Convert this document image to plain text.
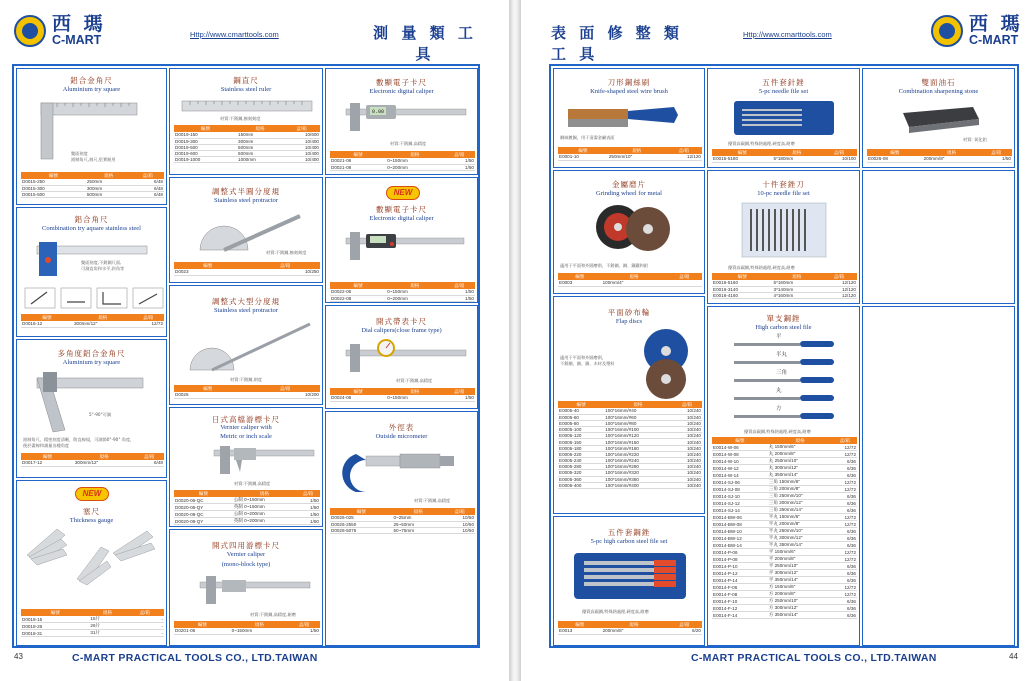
西 瑪
C-MART	Http://www.cmarttools.com	測 量 類 工 具
鋁合金角尺
Aluminium try square
雙面刻度
鋁制角尺,刻尺,堅實耐用
編號	規格	盒/箱
D0015-250	250mm	6/48
D0015-300	300mm	6/48
D0015-500	500mm	6/48
鋁合角尺
Combination try aquare stainless steel
雙面刻度,不銹鋼尺面,
可測直角和水平,斜角等
編號	規格	盒/箱
D0016-12	300mm/12"	12/72
多角度鋁合金角尺
Aluminium try square
5°-90°可調
鋁制角尺，精密刻度清晰，附直線規，可調節0°-90° 角度，
便於畫線和測量各種角度
編號	規格	盒/箱
D0017-12	300mm/12"	6/48
NEW
塞尺
Thickness gauge
編號	規格	盒/箱
D0018-15	15片	-
D0018-26	26片	-
D0018-31	31片	-
鋼直尺
Stainless steel ruler
材質:不銹鋼,蝕刻刻度
編號	規格	盒/箱
D0019-150	150mm	10/600
D0019-300	300mm	10/400
D0019-500	500mm	10/400
D0019-600	600mm	10/400
D0019-1000	1000mm	10/400
調整式半圓分度規
Stainless steel protractor
材質:不銹鋼,蝕刻刻度
編號		盒/箱
D0023		10/250
調整式大型分度規
Stainless steel protractor
材質:不銹鋼,刻度
編號		盒/箱
D0025		10/200
日式高檔游標卡尺
Vernier caliper with
Metric or inch scale
材質:不銹鋼,高精度
編號	規格	盒/箱
D0020-06-QC	公制 0~150mm	1/50
D0020-06-QY	英制 0~150mm	1/50
D0020-08-QC	公制 0~200mm	1/50
D0020-08-QY	英制 0~200mm	1/50
開式四用游標卡尺
Vernier caliper
(mono-block type)
材質:不銹鋼,高精度,耐磨
編號	規格	盒/箱
D0201-06	0~150mm	1/50
數顯電子卡尺
Electronic digital caliper
0.00
材質:不銹鋼,高精度
編號	規格	盒/箱
D0021-06	0~150mm	1/50
D0021-08	0~200mm	1/50
NEW
數顯電子卡尺
Electronic digital caliper
編號	規格	盒/箱
D0022-06	0~150mm	1/50
D0022-08	0~200mm	1/50
開式帶表卡尺
Dial calipers(close frame type)
材質:不銹鋼,高精度
編號	規格	盒/箱
D0024-06	0~150mm	1/50
外徑表
Outside micrometer
材質:不銹鋼,高精度
編號	規格	盒/箱
D0026-025	0~25mm	10/50
D0026-2550	25~50mm	10/50
D0026-5075	50~75mm	10/50
43	C-MART PRACTICAL TOOLS CO., LTD.TAIWAN
表 面 修 整 類 工 具
Http://www.cmarttools.com	西 瑪
C-MART
刀形鋼絲刷
Knife-shaped steel wire brush
鋼絲鍍銅，用于清潔金屬表面
編號	規格	盒/箱
E0001-10	250mm/10"	12/120
金屬磨片
Grinding wheel for metal
適用于平面和外圓磨削，不銹鋼、鋼、鑄鐵和鋁
編號	規格	盒/箱
E0003	100mm/4"	
平面砂布輪
Flap discs
適用于平面和外圓磨削，
不銹鋼、鋼、鑄、木材及塑料
編號	規格	盒/箱
E0005-40	100*16mm/#40	10/240
E0005-60	100*16mm/#60	10/240
E0005-80	100*16mm/#80	10/240
E0005-100	100*16mm/#100	10/240
E0005-120	100*16mm/#120	10/240
E0005-150	100*16mm/#150	10/240
E0005-180	100*16mm/#180	10/240
E0005-220	100*16mm/#220	10/240
E0005-240	100*16mm/#240	10/240
E0005-280	100*16mm/#280	10/240
E0005-320	100*16mm/#320	10/240
E0005-360	100*16mm/#360	10/240
E0005-400	100*16mm/#400	10/240
五件套鋼銼
5-pc high carbon steel file set
優質高碳鋼,特殊熱處理,硬度高,耐磨
編號	規格	盒/箱
E0013	200mm/8"	6/20
五件套針銼
5-pc needle file set
優質高碳鋼,特殊熱處理,硬度高,耐磨
編號	規格	盒/箱
E0015-5180	5*180mm	10/100
十件套銼刀
10-pc needle file set
優質高碳鋼,特殊熱處理,硬度高,耐磨
編號	規格	盒/箱
E0016-5160	5*160mm	12/120
E0016-3140	3*140mm	12/120
E0016-4160	4*160mm	12/120
單支鋼銼
High carbon steel file
平
半丸
三角
丸
方
優質高碳鋼,特殊熱處理,硬度高,耐磨
編號	規格	盒/箱
E0014-W-06	丸 150mm/6"	12/72
E0014-W-08	丸 200mm/8"	12/72
E0014-W-10	丸 250mm/10"	6/36
E0014-W-12	丸 300mm/12"	6/36
E0014-W-14	丸 350mm/14"	6/36
E0014-SJ-06	三角 150mm/6"	12/72
E0014-SJ-08	三角 200mm/8"	12/72
E0014-SJ-10	三角 250mm/10"	6/36
E0014-SJ-12	三角 300mm/12"	6/36
E0014-SJ-14	三角 350mm/14"	6/36
E0014-BW-06	半丸 150mm/6"	12/72
E0014-BW-08	半丸 200mm/8"	12/72
E0014-BW-10	半丸 250mm/10"	6/36
E0014-BW-12	半丸 300mm/12"	6/36
E0014-BW-14	半丸 350mm/14"	6/36
E0014-P-06	平 150mm/6"	12/72
E0014-P-08	平 200mm/8"	12/72
E0014-P-10	平 250mm/10"	6/36
E0014-P-12	平 300mm/12"	6/36
E0014-P-14	平 350mm/14"	6/36
E0014-F-06	方 150mm/6"	12/72
E0014-F-08	方 200mm/8"	12/72
E0014-F-10	方 250mm/10"	6/36
E0014-F-12	方 300mm/12"	6/36
E0014-F-14	方 350mm/14"	6/36
雙面油石
Combination sharpening stone
材質: 氧化鋁
編號	規格	盒/箱
E0026-08	200mm/8"	1/50
C-MART PRACTICAL TOOLS CO., LTD.TAIWAN	44
